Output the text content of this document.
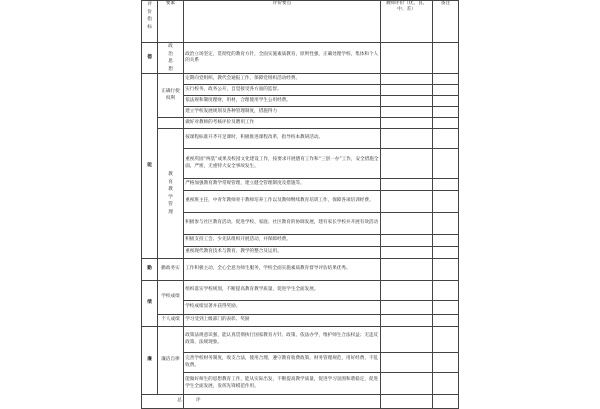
评价指标	要素	评价要点	教师评价（优、良、中、差）	备注
德	政治思想	政治立场坚定，贯彻党的教育方针，全面实施素质教育，原则性强，正确处理学校、集体和个人的关系		
能	正确行使权利	定期向党组织、教代会通报工作，保障党组织活动经费。		
		实行校务、政务公开，自觉接受各方面的监督。		
		依法规和制度理财，用材，合理使用学生公用经费。		
		建立学校发展规划及各种管理制度，措施得力		
		做好对教师的考核评价及聘用工作		
	教育教学管理	按课程标准开齐开足课时，积极推进课程改革，指导校本教研活动。		
		重视巩固“两基”成果及校园文化建设工作，按要求开展德育工作和“三创一办”工作，安全措施全面、严密，无重特大安全事故发生。		
		严格加强教育教学常规管理，建立健全管理制度及措施等。		
		重视班主任，中青年教师骨干教师培养工作以及教师继续教育培训工作，保障各项培训经费。		
		积极参与社区教育活动，促进学校、家庭、社区教育的协调发展，建有家长学校并开展有效活动		
		积极支持工会、少先队组织开展活动，并保障经费。		
		重视现代教育技术与教育、教学的整合及运用。		
勤	勤政务实	工作积极主动，全心全意为师生服务，学校全面实施素质教育督导评估结果优秀。		
绩	学校成绩	组织落实学校规划，不断提高教育教学质量，促进学生全面发展。		
		学校成绩显著并获得奖励。		
	个人成绩	学习受到上级部门的表彰、奖励		
廉	廉洁自律	政策法规意识强，能认真贯彻执行国家教育方针、政策、依法办学，维护师生合法权益；无违反政策、法规现象。		
		完善学校财务制度，收支合法，使用合理，遵守教育收费政策，财务管理规范，用好经费，不乱收费。		
		能做好师生的思想教育工作，能从实际出发，不断提高教学质量，促进学习氛围和谐稳定，促进学生全面发展，发挥先锋模范作用。		
总		评		
